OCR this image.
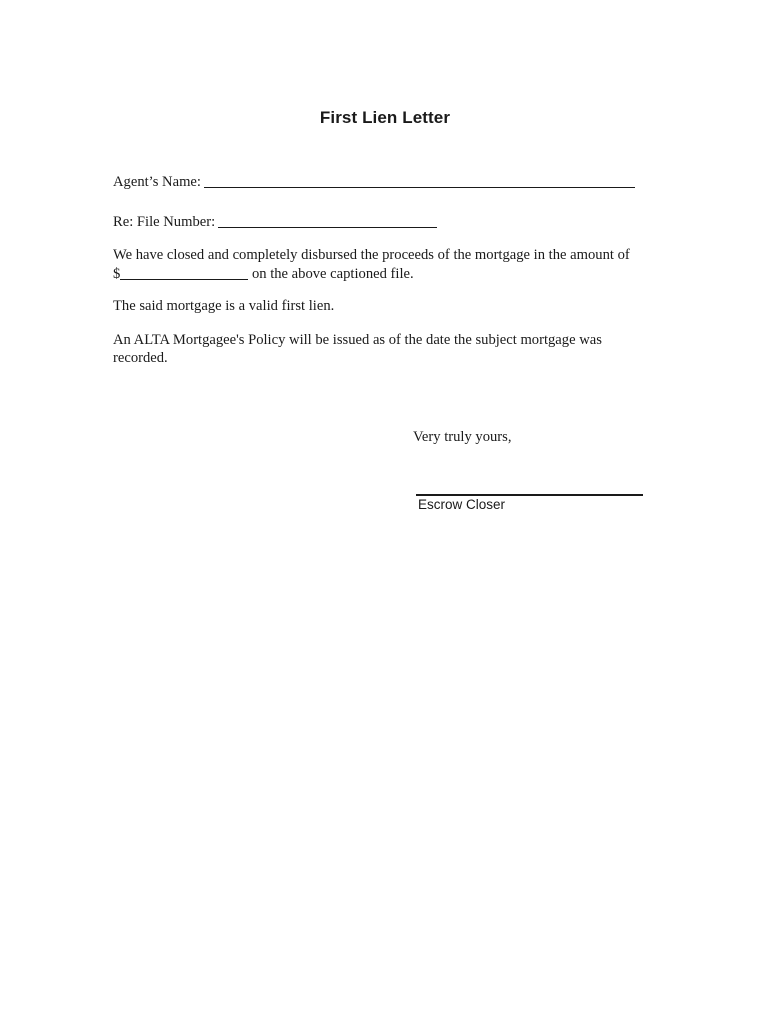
First Lien Letter
Agent’s Name:
Re: File Number:
We have closed and completely disbursed the proceeds of the mortgage in the amount of
$	on the above captioned file.
The said mortgage is a valid first lien.
An ALTA Mortgagee's Policy will be issued as of the date the subject mortgage was
recorded.
Very truly yours,
Escrow Closer
